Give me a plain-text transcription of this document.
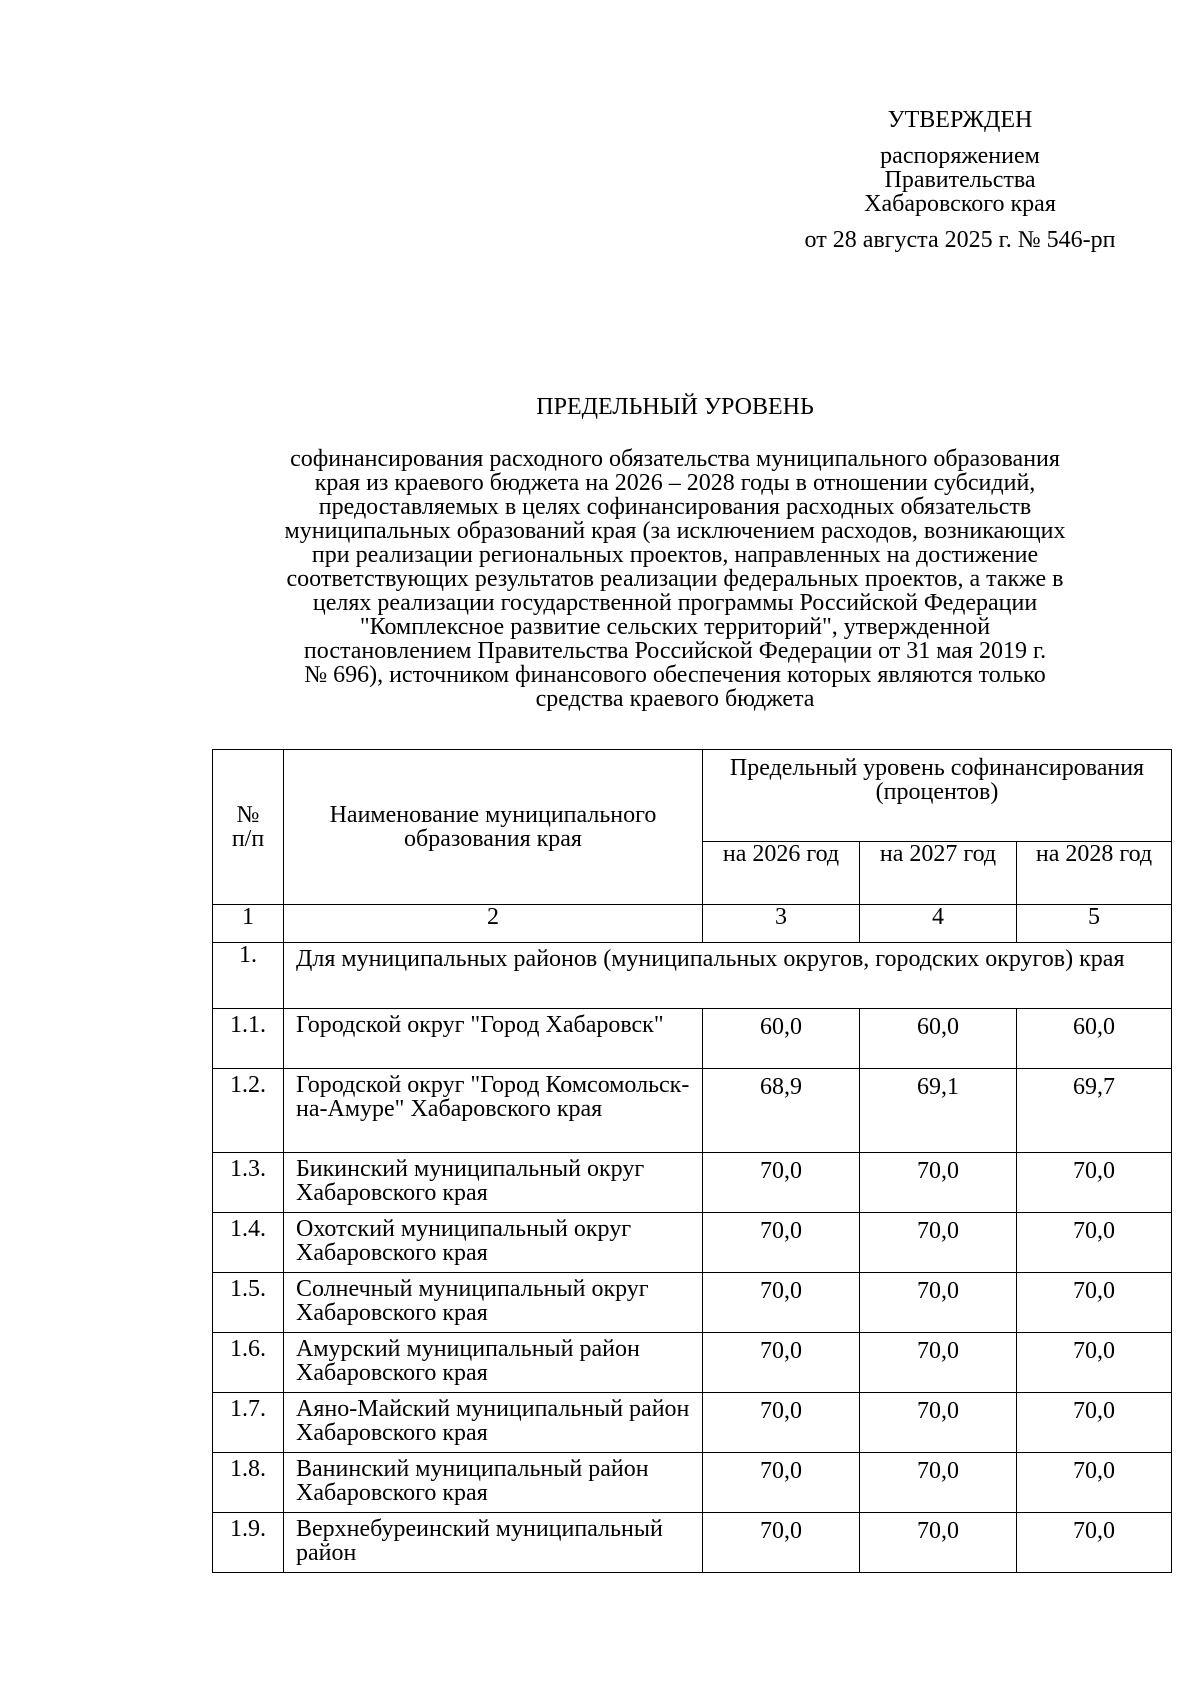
УТВЕРЖДЕН
распоряжением
Правительства
Хабаровского края
от 28 августа 2025 г. № 546-рп
ПРЕДЕЛЬНЫЙ УРОВЕНЬ
софинансирования расходного обязательства муниципального образования
края из краевого бюджета на 2026 – 2028 годы в отношении субсидий,
предоставляемых в целях софинансирования расходных обязательств
муниципальных образований края (за исключением расходов, возникающих
при реализации региональных проектов, направленных на достижение
соответствующих результатов реализации федеральных проектов, а также в
целях реализации государственной программы Российской Федерации
"Комплексное развитие сельских территорий", утвержденной
постановлением Правительства Российской Федерации от 31 мая 2019 г.
№ 696), источником финансового обеспечения которых являются только
средства краевого бюджета
№
п/п	Наименование муниципального образования края	Предельный уровень софинансирования (процентов)		
		на 2026 год	на 2027 год	на 2028 год
1	2	3	4	5
1.	Для муниципальных районов (муниципальных округов, городских округов) края			
1.1.	Городской округ "Город Хабаровск"	60,0	60,0	60,0
1.2.	Городской округ "Город Комсомольск-на-Амуре" Хабаровского края	68,9	69,1	69,7
1.3.	Бикинский муниципальный округ Хабаровского края	70,0	70,0	70,0
1.4.	Охотский муниципальный округ Хабаровского края	70,0	70,0	70,0
1.5.	Солнечный муниципальный округ Хабаровского края	70,0	70,0	70,0
1.6.	Амурский муниципальный район Хабаровского края	70,0	70,0	70,0
1.7.	Аяно-Майский муниципальный район Хабаровского края	70,0	70,0	70,0
1.8.	Ванинский муниципальный район Хабаровского края	70,0	70,0	70,0
1.9.	Верхнебуреинский муниципальный район	70,0	70,0	70,0
